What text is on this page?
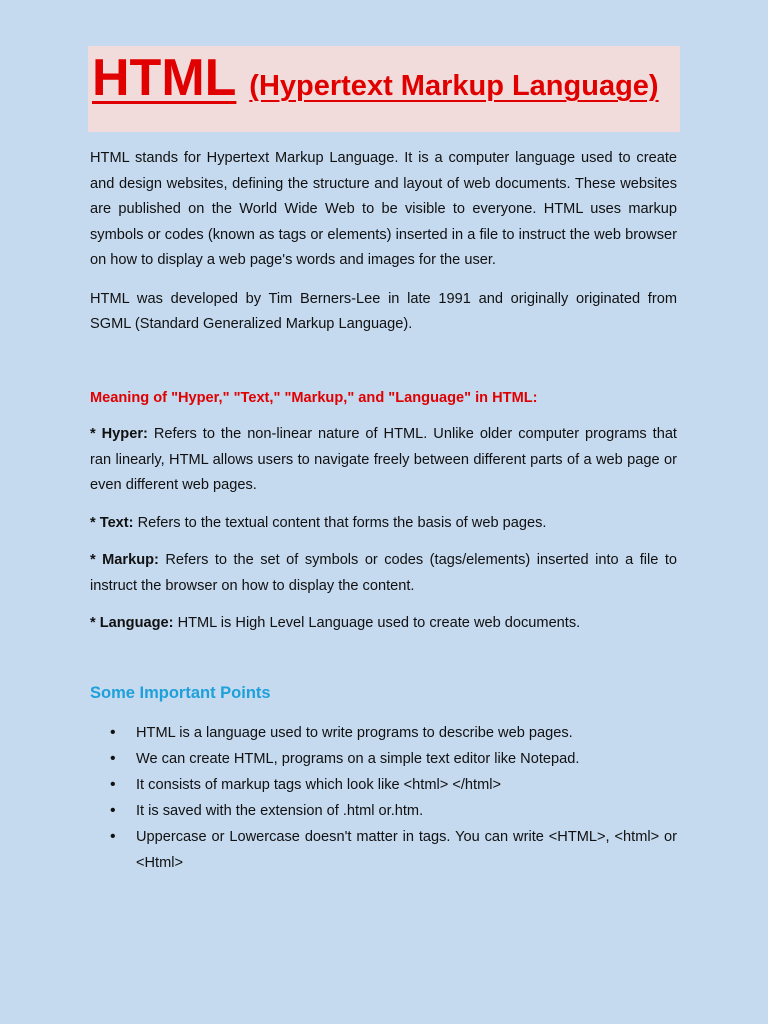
HTML (Hypertext Markup Language)

HTML stands for Hypertext Markup Language. It is a computer language used to create and design websites, defining the structure and layout of web documents. These websites are published on the World Wide Web to be visible to everyone. HTML uses markup symbols or codes (known as tags or elements) inserted in a file to instruct the web browser on how to display a web page's words and images for the user.

HTML was developed by Tim Berners-Lee in late 1991 and originally originated from SGML (Standard Generalized Markup Language).

Meaning of "Hyper," "Text," "Markup," and "Language" in HTML:

* Hyper: Refers to the non-linear nature of HTML. Unlike older computer programs that ran linearly, HTML allows users to navigate freely between different parts of a web page or even different web pages.

* Text: Refers to the textual content that forms the basis of web pages.

* Markup: Refers to the set of symbols or codes (tags/elements) inserted into a file to instruct the browser on how to display the content.

* Language: HTML is High Level Language used to create web documents.

Some Important Points

• HTML is a language used to write programs to describe web pages.
• We can create HTML, programs on a simple text editor like Notepad.
• It consists of markup tags which look like <html> </html>
• It is saved with the extension of .html or.htm.
• Uppercase or Lowercase doesn't matter in tags. You can write <HTML>, <html> or <Html>
